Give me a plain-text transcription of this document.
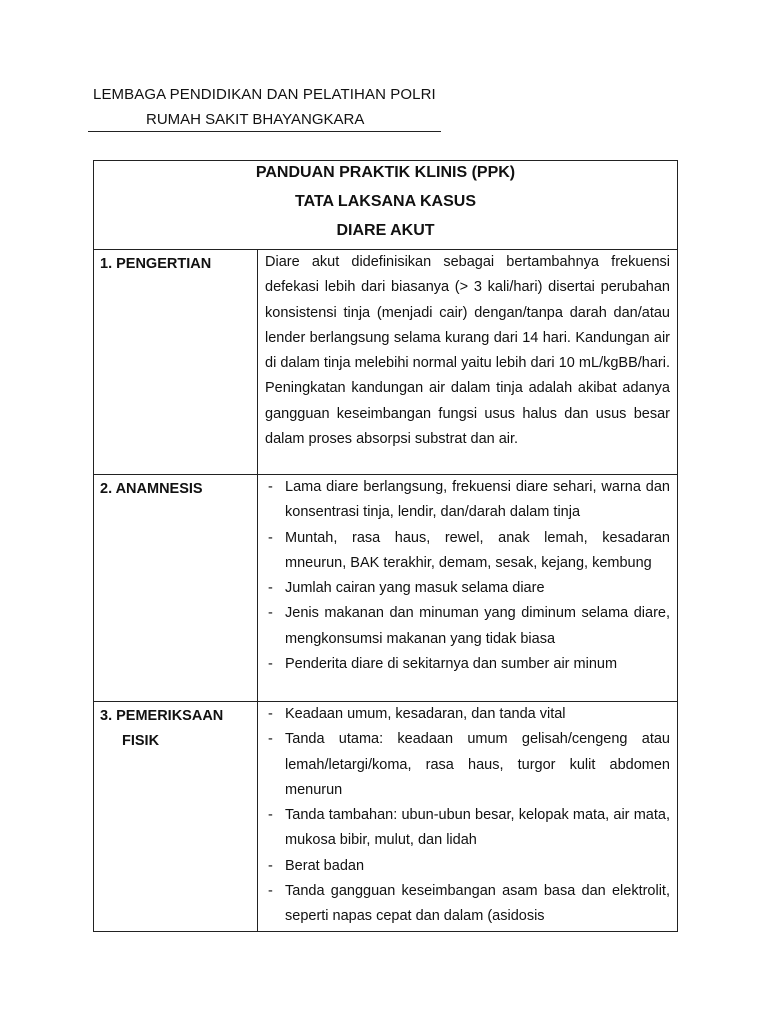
LEMBAGA PENDIDIKAN DAN PELATIHAN POLRI
RUMAH SAKIT BHAYANGKARA
PANDUAN PRAKTIK KLINIS (PPK)
TATA LAKSANA KASUS
DIARE AKUT
1. PENGERTIAN	Diare akut didefinisikan sebagai bertambahnya frekuensi defekasi lebih dari biasanya (> 3 kali/hari) disertai perubahan konsistensi tinja (menjadi cair) dengan/tanpa darah dan/atau lender berlangsung selama kurang dari 14 hari. Kandungan air di dalam tinja melebihi normal yaitu lebih dari 10 mL/kgBB/hari. Peningkatan kandungan air dalam tinja adalah akibat adanya gangguan keseimbangan fungsi usus halus dan usus besar dalam proses absorpsi substrat dan air.
2. ANAMNESIS	- Lama diare berlangsung, frekuensi diare sehari, warna dan konsentrasi tinja, lendir, dan/darah dalam tinja
- Muntah, rasa haus, rewel, anak lemah, kesadaran mneurun, BAK terakhir, demam, sesak, kejang, kembung
- Jumlah cairan yang masuk selama diare
- Jenis makanan dan minuman yang diminum selama diare, mengkonsumsi makanan yang tidak biasa
- Penderita diare di sekitarnya dan sumber air minum
3. PEMERIKSAAN
FISIK
- Keadaan umum, kesadaran, dan tanda vital
- Tanda utama: keadaan umum gelisah/cengeng atau lemah/letargi/koma, rasa haus, turgor kulit abdomen menurun
- Tanda tambahan: ubun-ubun besar, kelopak mata, air mata, mukosa bibir, mulut, dan lidah
- Berat badan
- Tanda gangguan keseimbangan asam basa dan elektrolit, seperti napas cepat dan dalam (asidosis
